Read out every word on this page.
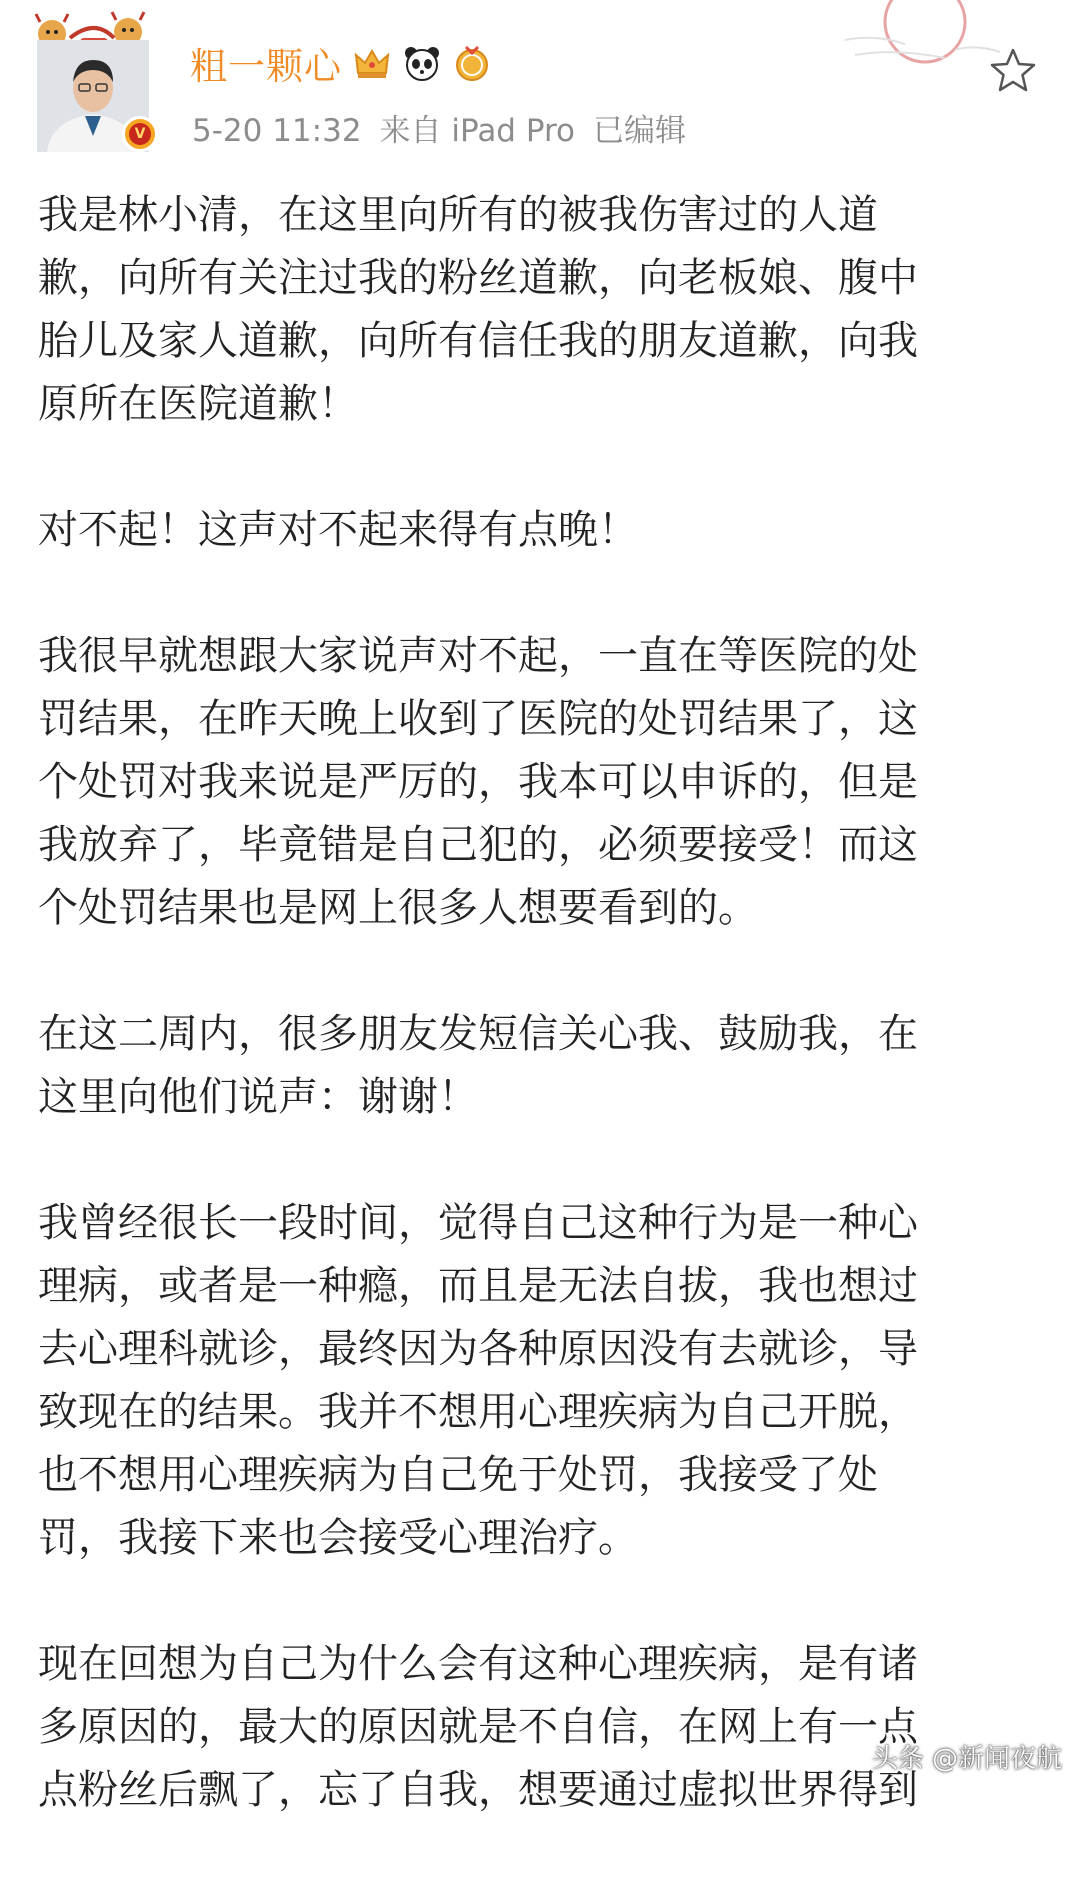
V
粗一颗心
5-20 11:32 来自 iPad Pro 已编辑
我是林小清，在这里向所有的被我伤害过的人道
歉，向所有关注过我的粉丝道歉，向老板娘、腹中
胎儿及家人道歉，向所有信任我的朋友道歉，向我
原所在医院道歉！
对不起！这声对不起来得有点晚！
我很早就想跟大家说声对不起，一直在等医院的处
罚结果，在昨天晚上收到了医院的处罚结果了，这
个处罚对我来说是严厉的，我本可以申诉的，但是
我放弃了，毕竟错是自己犯的，必须要接受！而这
个处罚结果也是网上很多人想要看到的。
在这二周内，很多朋友发短信关心我、鼓励我，在
这里向他们说声：谢谢！
我曾经很长一段时间，觉得自己这种行为是一种心
理病，或者是一种瘾，而且是无法自拔，我也想过
去心理科就诊，最终因为各种原因没有去就诊，导
致现在的结果。我并不想用心理疾病为自己开脱，
也不想用心理疾病为自己免于处罚，我接受了处
罚，我接下来也会接受心理治疗。
现在回想为自己为什么会有这种心理疾病，是有诸
多原因的，最大的原因就是不自信，在网上有一点
点粉丝后飘了，忘了自我，想要通过虚拟世界得到
头条 @新闻夜航
